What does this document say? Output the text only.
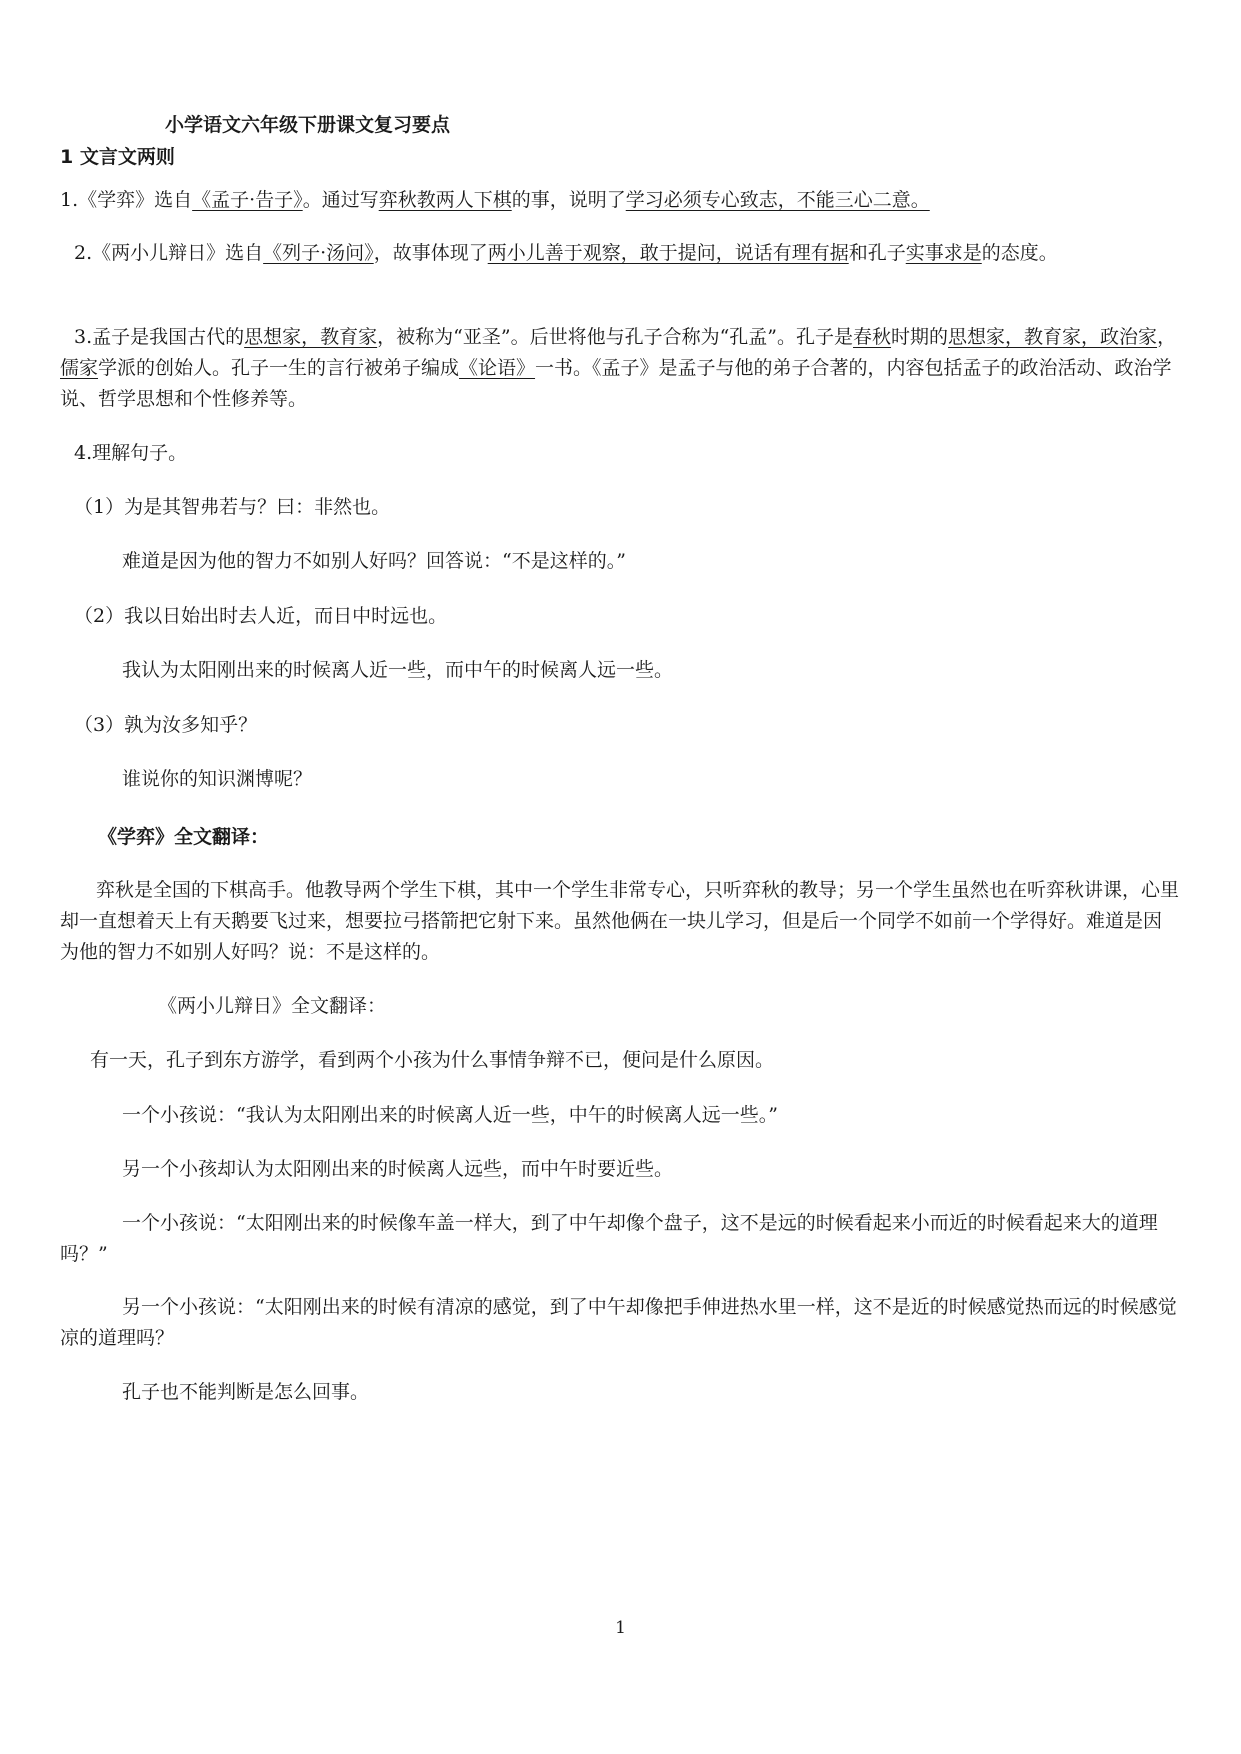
小学语文六年级下册课文复习要点

1 文言文两则

1.《学弈》选自《孟子·告子》。通过写弈秋教两人下棋的事，说明了学习必须专心致志，不能三心二意。

2.《两小儿辩日》选自《列子·汤问》，故事体现了两小儿善于观察，敢于提问，说话有理有据和孔子实事求是的态度。

3.孟子是我国古代的思想家，教育家，被称为“亚圣”。后世将他与孔子合称为“孔孟”。孔子是春秋时期的思想家，教育家，政治家，儒家学派的创始人。孔子一生的言行被弟子编成《论语》一书。《孟子》是孟子与他的弟子合著的，内容包括孟子的政治活动、政治学说、哲学思想和个性修养等。

4.理解句子。

（1）为是其智弗若与？曰：非然也。

难道是因为他的智力不如别人好吗？回答说：“不是这样的。”

（2）我以日始出时去人近，而日中时远也。

我认为太阳刚出来的时候离人近一些，而中午的时候离人远一些。

（3）孰为汝多知乎？

谁说你的知识渊博呢？

《学弈》全文翻译：

弈秋是全国的下棋高手。他教导两个学生下棋，其中一个学生非常专心，只听弈秋的教导；另一个学生虽然也在听弈秋讲课，心里却一直想着天上有天鹅要飞过来，想要拉弓搭箭把它射下来。虽然他俩在一块儿学习，但是后一个同学不如前一个学得好。难道是因为他的智力不如别人好吗？说：不是这样的。

《两小儿辩日》全文翻译：

有一天，孔子到东方游学，看到两个小孩为什么事情争辩不已，便问是什么原因。

一个小孩说：“我认为太阳刚出来的时候离人近一些，中午的时候离人远一些。”

另一个小孩却认为太阳刚出来的时候离人远些，而中午时要近些。

一个小孩说：“太阳刚出来的时候像车盖一样大，到了中午却像个盘子，这不是远的时候看起来小而近的时候看起来大的道理吗？”

另一个小孩说：“太阳刚出来的时候有清凉的感觉，到了中午却像把手伸进热水里一样，这不是近的时候感觉热而远的时候感觉凉的道理吗？

孔子也不能判断是怎么回事。

1
